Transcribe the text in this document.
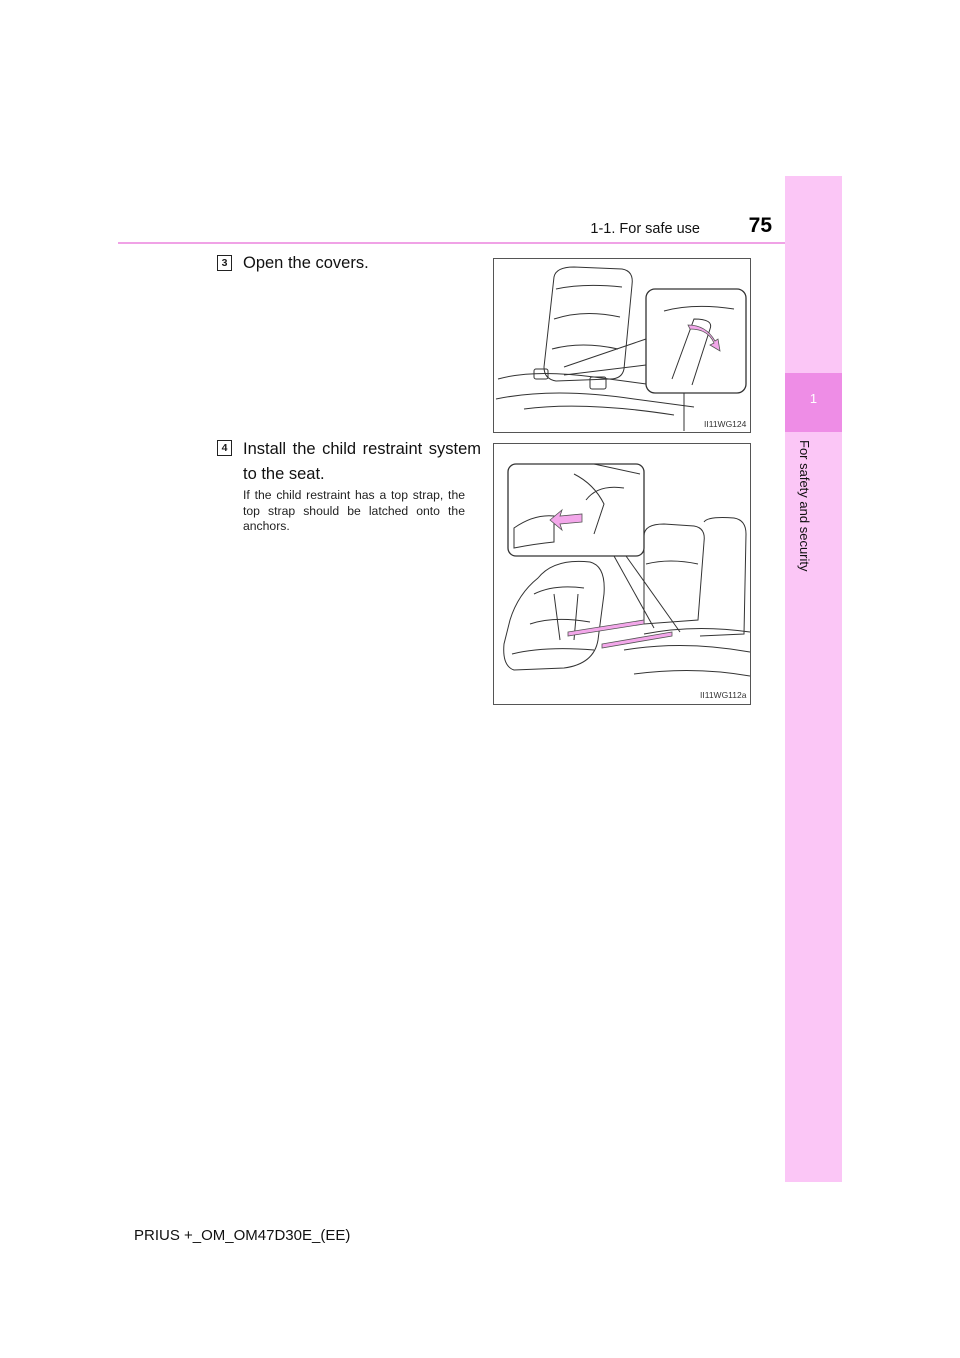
1-1. For safe use	75
1
For safety and security
3 Open the covers.
II11WG124
4 Install the child restraint system to the seat.
If the child restraint has a top strap, the top strap should be latched onto the anchors.
II11WG112a
PRIUS +_OM_OM47D30E_(EE)
